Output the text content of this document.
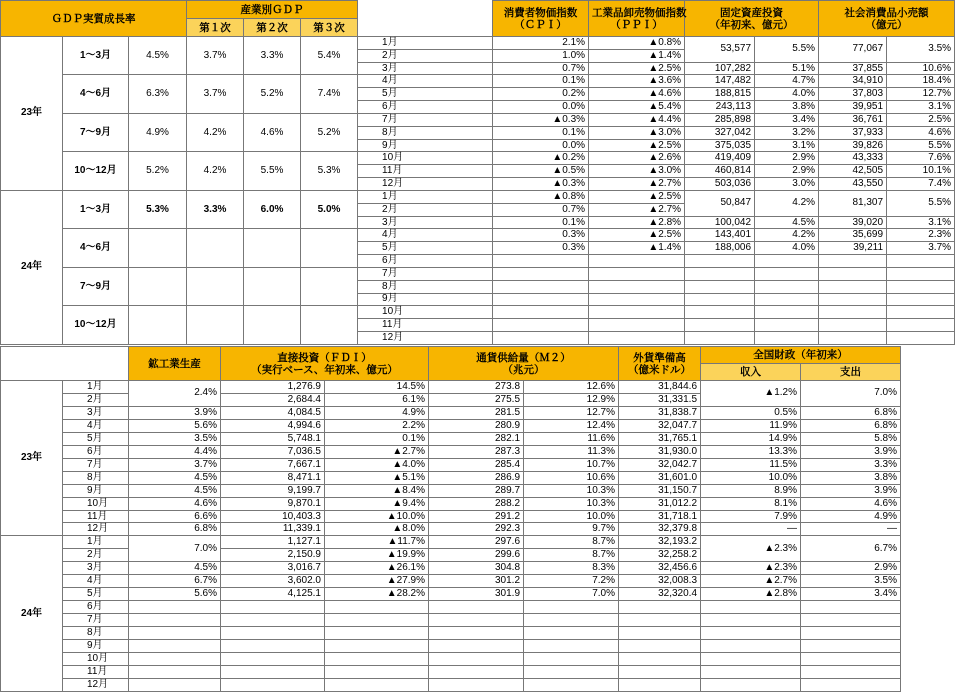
ＧＤＰ実質成長率			産業別ＧＤＰ				消費者物価指数
（ＣＰＩ）	工業品卸売物価指数
（ＰＰＩ）	固定資産投資
（年初来、億元）		社会消費品小売額
（億元）	
			第１次	第２次	第３次							
23年	1～3月	4.5%	3.7%	3.3%	5.4%	1月	2.1%	▲0.8%	53,577	5.5%	77,067	3.5%
						2月	1.0%	▲1.4%				
						3月	0.7%	▲2.5%	107,282	5.1%	37,855	10.6%
	4～6月	6.3%	3.7%	5.2%	7.4%	4月	0.1%	▲3.6%	147,482	4.7%	34,910	18.4%
						5月	0.2%	▲4.6%	188,815	4.0%	37,803	12.7%
						6月	0.0%	▲5.4%	243,113	3.8%	39,951	3.1%
	7～9月	4.9%	4.2%	4.6%	5.2%	7月	▲0.3%	▲4.4%	285,898	3.4%	36,761	2.5%
						8月	0.1%	▲3.0%	327,042	3.2%	37,933	4.6%
						9月	0.0%	▲2.5%	375,035	3.1%	39,826	5.5%
	10～12月	5.2%	4.2%	5.5%	5.3%	10月	▲0.2%	▲2.6%	419,409	2.9%	43,333	7.6%
						11月	▲0.5%	▲3.0%	460,814	2.9%	42,505	10.1%
						12月	▲0.3%	▲2.7%	503,036	3.0%	43,550	7.4%
24年	1～3月	5.3%	3.3%	6.0%	5.0%	1月	▲0.8%	▲2.5%	50,847	4.2%	81,307	5.5%
						2月	0.7%	▲2.7%				
						3月	0.1%	▲2.8%	100,042	4.5%	39,020	3.1%
	4～6月					4月	0.3%	▲2.5%	143,401	4.2%	35,699	2.3%
						5月	0.3%	▲1.4%	188,006	4.0%	39,211	3.7%
						6月						
	7～9月					7月						
						8月						
						9月						
	10～12月					10月						
						11月						
						12月						
		鉱工業生産	直接投資（ＦＤＩ）
（実行ベース、年初来、億元）		通貨供給量（Ｍ２）
（兆元）		外貨準備高
（億米ドル）	全国財政（年初来）	
								収入	支出
23年	1月	2.4%	1,276.9	14.5%	273.8	12.6%	31,844.6	▲1.2%	7.0%
	2月		2,684.4	6.1%	275.5	12.9%	31,331.5		
	3月	3.9%	4,084.5	4.9%	281.5	12.7%	31,838.7	0.5%	6.8%
	4月	5.6%	4,994.6	2.2%	280.9	12.4%	32,047.7	11.9%	6.8%
	5月	3.5%	5,748.1	0.1%	282.1	11.6%	31,765.1	14.9%	5.8%
	6月	4.4%	7,036.5	▲2.7%	287.3	11.3%	31,930.0	13.3%	3.9%
	7月	3.7%	7,667.1	▲4.0%	285.4	10.7%	32,042.7	11.5%	3.3%
	8月	4.5%	8,471.1	▲5.1%	286.9	10.6%	31,601.0	10.0%	3.8%
	9月	4.5%	9,199.7	▲8.4%	289.7	10.3%	31,150.7	8.9%	3.9%
	10月	4.6%	9,870.1	▲9.4%	288.2	10.3%	31,012.2	8.1%	4.6%
	11月	6.6%	10,403.3	▲10.0%	291.2	10.0%	31,718.1	7.9%	4.9%
	12月	6.8%	11,339.1	▲8.0%	292.3	9.7%	32,379.8	―	―
24年	1月	7.0%	1,127.1	▲11.7%	297.6	8.7%	32,193.2	▲2.3%	6.7%
	2月		2,150.9	▲19.9%	299.6	8.7%	32,258.2		
	3月	4.5%	3,016.7	▲26.1%	304.8	8.3%	32,456.6	▲2.3%	2.9%
	4月	6.7%	3,602.0	▲27.9%	301.2	7.2%	32,008.3	▲2.7%	3.5%
	5月	5.6%	4,125.1	▲28.2%	301.9	7.0%	32,320.4	▲2.8%	3.4%
	6月								
	7月								
	8月								
	9月								
	10月								
	11月								
	12月								
